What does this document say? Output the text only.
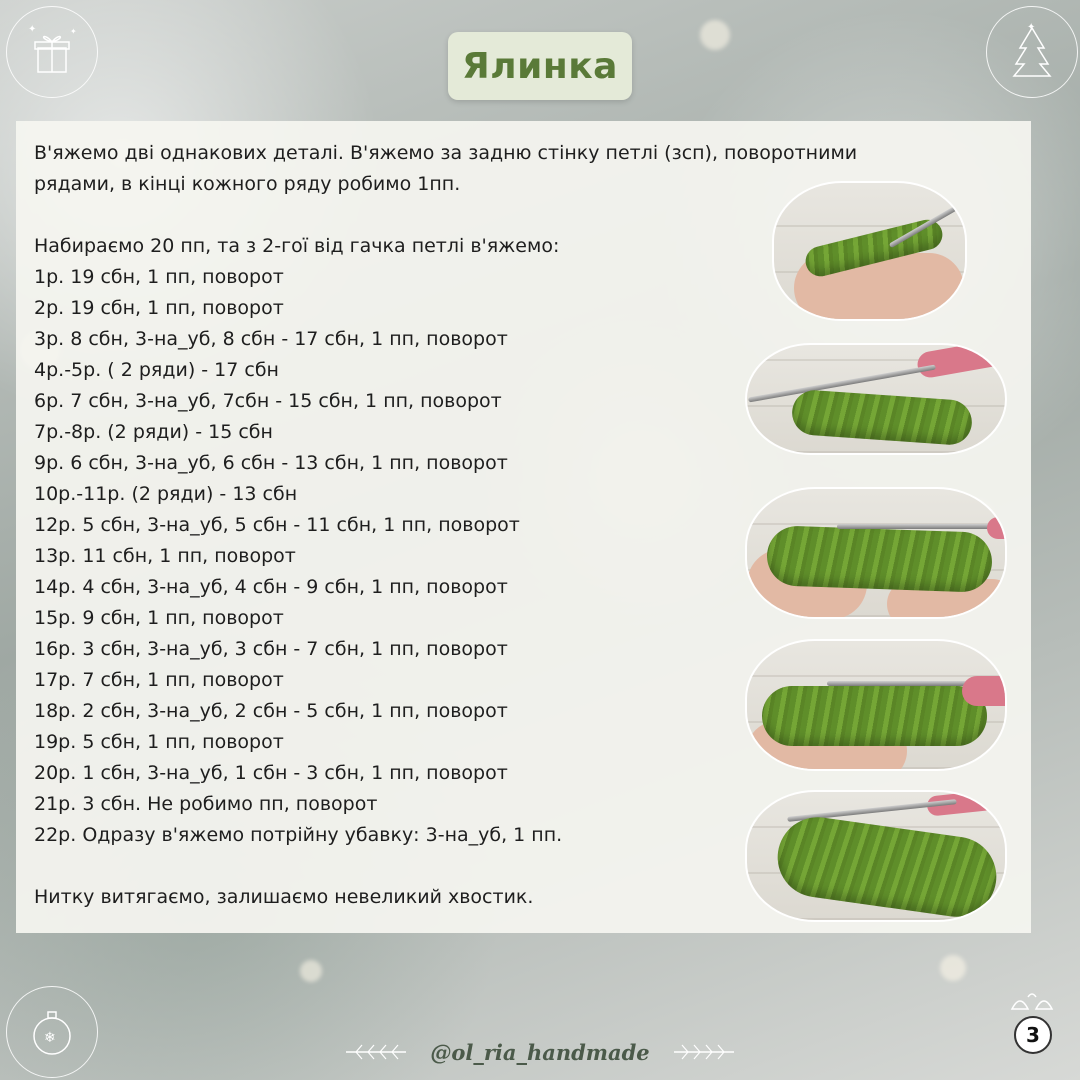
✦	✦	✦
❄
Ялинка

В'яжемо дві однакових деталі. В'яжемо за задню стінку петлі (зсп), поворотними

рядами, в кінці кожного ряду робимо 1пп.

Набираємо 20 пп, та з 2-гої від гачка петлі в'яжемо:

1р. 19 сбн, 1 пп, поворот

2р. 19 сбн, 1 пп, поворот

3р. 8 сбн, 3-на_уб, 8 сбн - 17 сбн, 1 пп, поворот

4р.-5р. ( 2 ряди) - 17 сбн

6р. 7 сбн, 3-на_уб, 7сбн - 15 сбн, 1 пп, поворот

7р.-8р. (2 ряди) - 15 сбн

9р. 6 сбн, 3-на_уб, 6 сбн - 13 сбн, 1 пп, поворот

10р.-11р. (2 ряди) - 13 сбн

12р. 5 сбн, 3-на_уб, 5 сбн - 11 сбн, 1 пп, поворот

13р. 11 сбн, 1 пп, поворот

14р. 4 сбн, 3-на_уб, 4 сбн - 9 сбн, 1 пп, поворот

15р. 9 сбн, 1 пп, поворот

16р. 3 сбн, 3-на_уб, 3 сбн - 7 сбн, 1 пп, поворот

17р. 7 сбн, 1 пп, поворот

18р. 2 сбн, 3-на_уб, 2 сбн - 5 сбн, 1 пп, поворот

19р. 5 сбн, 1 пп, поворот

20р. 1 сбн, 3-на_уб, 1 сбн - 3 сбн, 1 пп, поворот

21р. 3 сбн. Не робимо пп, поворот

22р. Одразу в'яжемо потрійну убавку: 3-на_уб, 1 пп.

Нитку витягаємо, залишаємо невеликий хвостик.

@ol_ria_handmade
3
